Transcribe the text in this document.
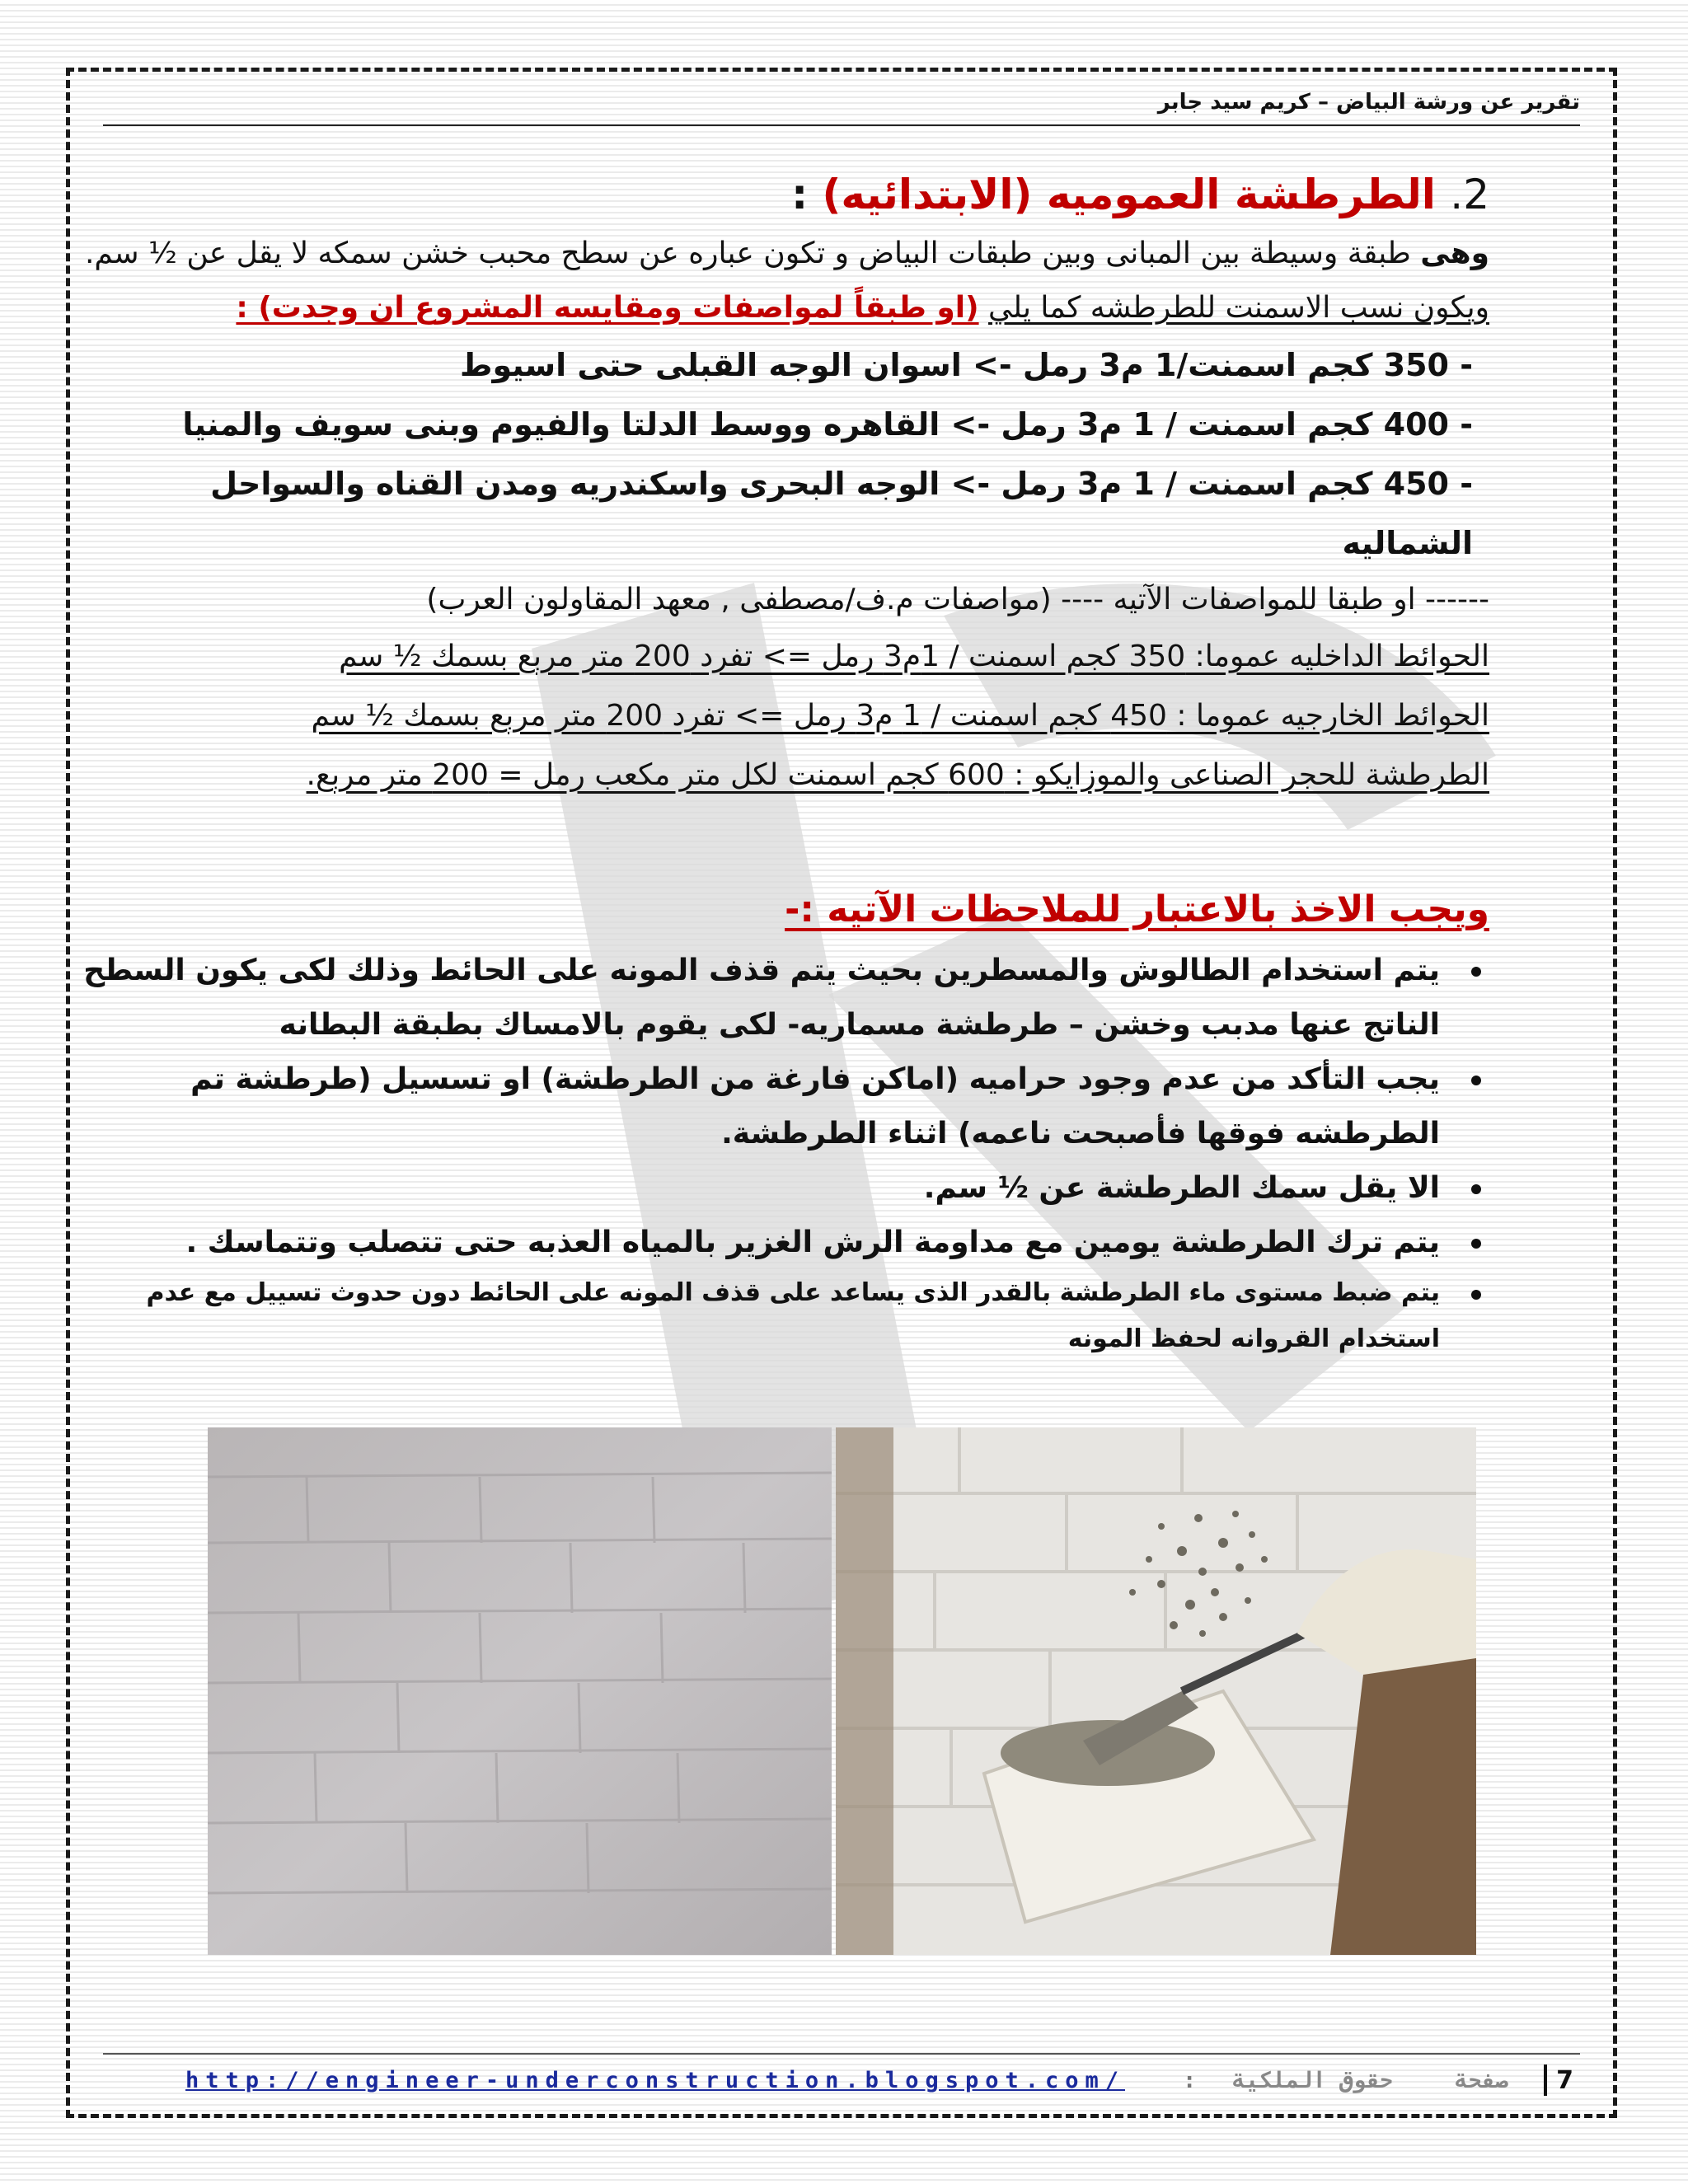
تقرير عن ورشة البياض – كريم سيد جابر
2. الطرطشة العموميه (الابتدائيه) :
وهى طبقة وسيطة بين المبانى وبين طبقات البياض و تكون عباره عن سطح محبب خشن سمكه لا يقل عن ½ سم.
ويكون نسب الاسمنت للطرطشه كما يلي (او طبقاً لمواصفات ومقايسه المشروع ان وجدت) :
- 350 كجم اسمنت/1 م3 رمل -> اسوان الوجه القبلى حتى اسيوط
- 400 كجم اسمنت / 1 م3 رمل -> القاهره ووسط الدلتا والفيوم وبنى سويف والمنيا
- 450 كجم اسمنت / 1 م3 رمل -> الوجه البحرى واسكندريه ومدن القناه والسواحل الشماليه
------ او طبقا للمواصفات الآتيه ---- (مواصفات م.ف/مصطفى , معهد المقاولون العرب)
الحوائط الداخليه عموما: 350 كجم اسمنت / 1م3 رمل => تفرد 200 متر مربع بسمك ½ سم
الحوائط الخارجيه عموما : 450 كجم اسمنت / 1 م3 رمل => تفرد 200 متر مربع بسمك ½ سم
الطرطشة للحجر الصناعى والموزايكو : 600 كجم اسمنت لكل متر مكعب رمل = 200 متر مربع.
ويجب الاخذ بالاعتبار للملاحظات الآتيه :-
يتم استخدام الطالوش والمسطرين بحيث يتم قذف المونه على الحائط وذلك لكى يكون السطح الناتج عنها مدبب وخشن – طرطشة مسماريه- لكى يقوم بالامساك بطبقة البطانه
يجب التأكد من عدم وجود حراميه (اماكن فارغة من الطرطشة) او تسسيل (طرطشة تم الطرطشه فوقها فأصبحت ناعمه) اثناء الطرطشة.
الا يقل سمك الطرطشة عن ½ سم.
يتم ترك الطرطشة يومين مع مداومة الرش الغزير بالمياه العذبه حتى تتصلب وتتماسك .
يتم ضبط مستوى ماء الطرطشة بالقدر الذى يساعد على قذف المونه على الحائط دون حدوث تسييل مع عدم استخدام القروانه لحفظ المونه
http://engineer-underconstruction.blogspot.com/	: حقوق الملكية	صفحة 7
